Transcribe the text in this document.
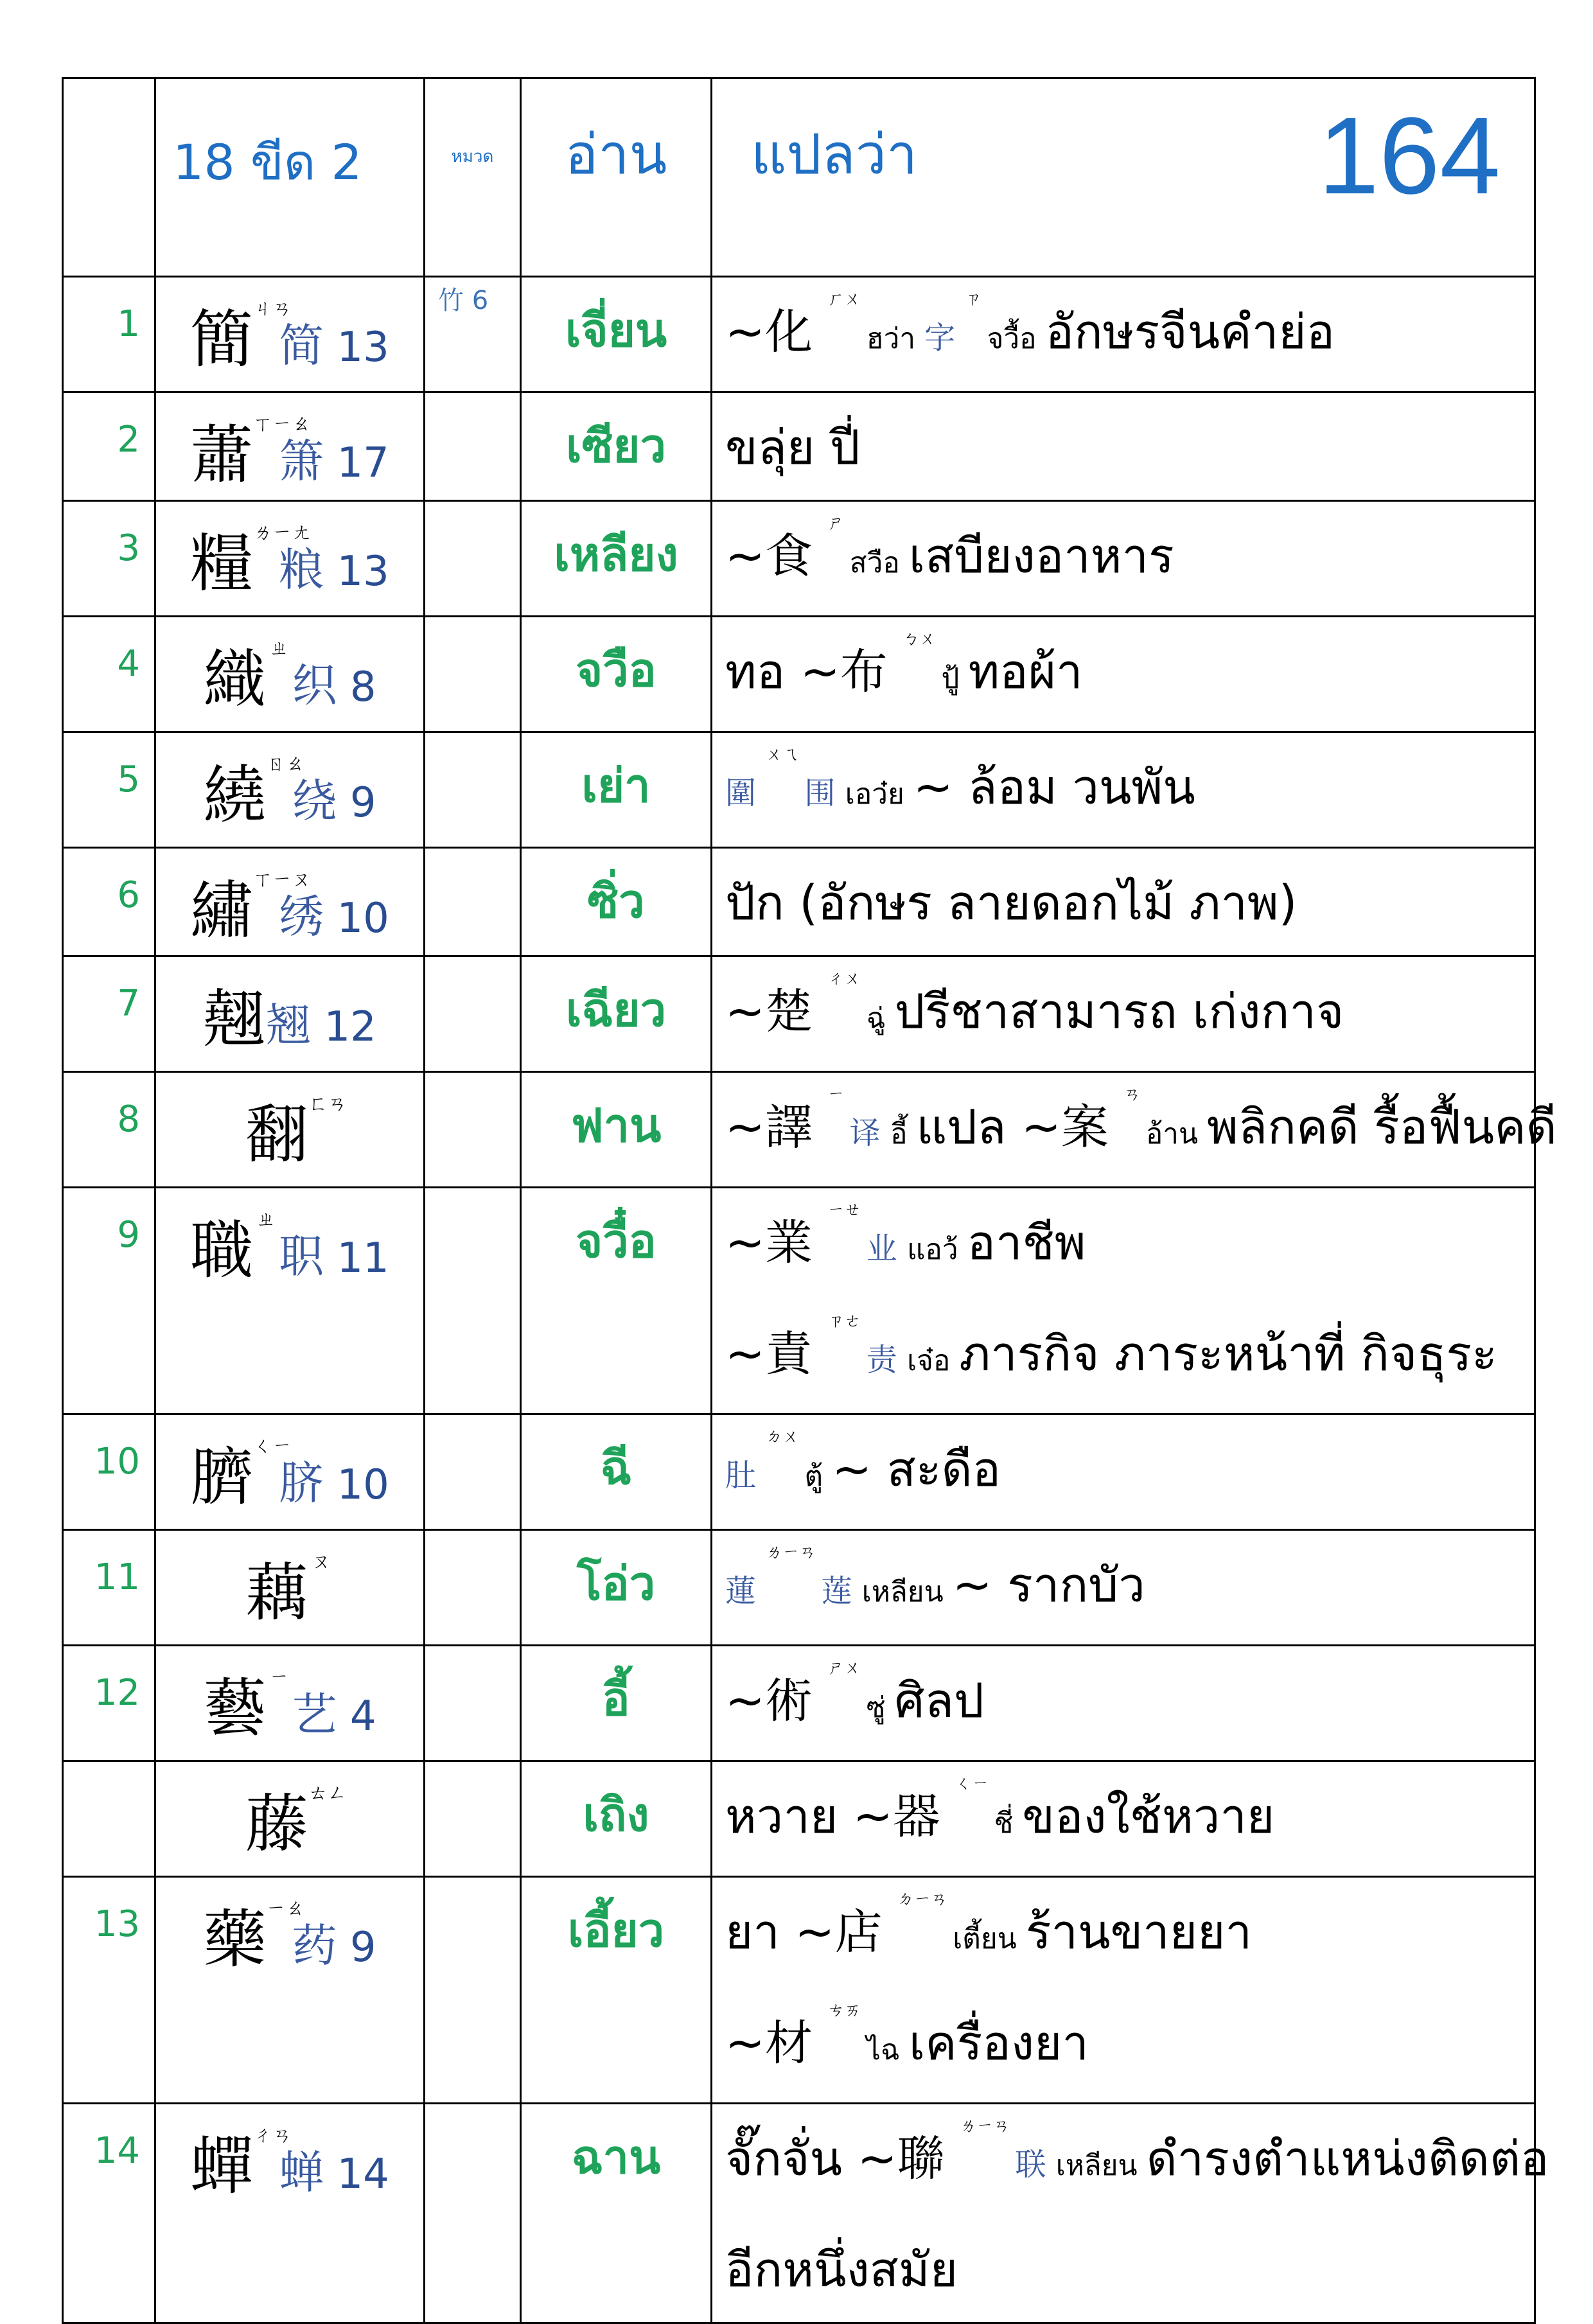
	18 ขีด 2	หมวด	อ่าน	แปลว่า 164

1	簡ㄐㄢ简 13	竹 6	เจี่ยน	~化 $^{ㄏㄨ}$ ฮว่า 字 $^ㄗ$ จวื้อ อักษรจีนคำย่อ

2	蕭ㄒㄧㄠ箫 17		เซียว	ขลุ่ย ปี่

3	糧ㄌㄧㄤ粮 13		เหลียง	~食 $^ㄕ$ สวือ เสบียงอาหาร

4	織 ㄓ织 8		จวือ	ทอ ~布 $^{ㄅㄨ}$ ปู้ ทอผ้า

5	繞ㄖㄠ绕 9		เย่า	圍 $^{ㄨㄟ}$ 围 เอว๋ย ~ ล้อม วนพัน

6	繡ㄒㄧㄡ绣 10		ซิ่ว	ปัก (อักษร ลายดอกไม้ ภาพ)

7	翹翘 12		เฉียว	~楚 $^{ㄔㄨ}$ ฉู่ ปรีชาสามารถ เก่งกาจ

8	翻ㄈㄢ		ฟาน	~譯 $^ㄧ$ 译 อี้ แปล ~案 $^ㄢ$ อ้าน พลิกคดี รื้อฟื้นคดี

9	職 ㄓ职 11		จวื๋อ	~業 $^{ㄧㄝ}$ 业 แอว้ อาชีพ
~責 $^{ㄗㄜ}$ 责 เจ๋อ ภารกิจ ภาระหน้าที่ กิจธุระ

10	臍ㄑㄧ脐 10		ฉี	肚 $^{ㄉㄨ}$ ตู้ ~ สะดือ

11	藕 ㄡ		โอ่ว	蓮 $^{ㄌㄧㄢ}$ 莲 เหลียน ~ รากบัว

12	藝 ㄧ艺 4		อี้	~術 $^{ㄕㄨ}$ ซู่ ศิลป

	藤ㄊㄥ		เถิง	หวาย ~器 $^{ㄑㄧ}$ ชี่ ของใช้หวาย

13	藥ㄧㄠ药 9		เอี้ยว	ยา ~店 $^{ㄉㄧㄢ}$ เตี้ยน ร้านขายยา
~材 $^{ㄘㄞ}$ ไฉ เครื่องยา

14	蟬ㄔㄢ蝉 14		ฉาน	จั๊กจั่น ~聯 $^{ㄌㄧㄢ}$ 联 เหลียน ดำรงตำแหน่งติดต่อ
อีกหนึ่งสมัย
